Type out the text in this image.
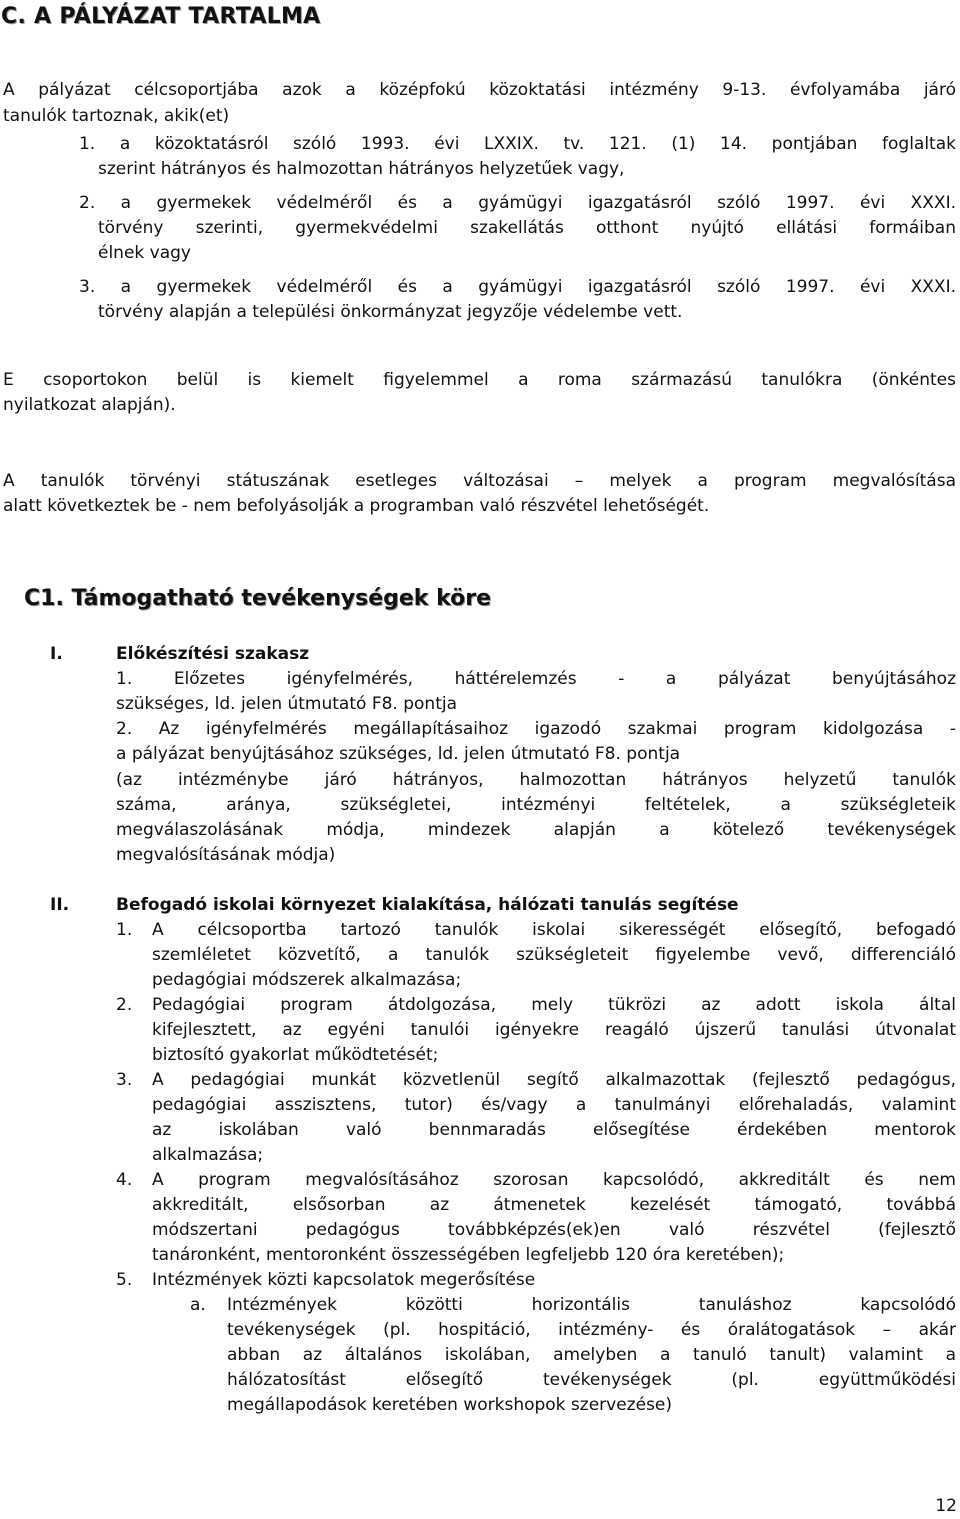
C. A PÁLYÁZAT TARTALMA
A pályázat célcsoportjába azok a középfokú közoktatási intézmény 9-13. évfolyamába járó
tanulók tartoznak, akik(et)
1. a közoktatásról szóló 1993. évi LXXIX. tv. 121. (1) 14. pontjában foglaltak
szerint hátrányos és halmozottan hátrányos helyzetűek vagy,
2. a gyermekek védelméről és a gyámügyi igazgatásról szóló 1997. évi XXXI.
törvény szerinti, gyermekvédelmi szakellátás otthont nyújtó ellátási formáiban
élnek vagy
3. a gyermekek védelméről és a gyámügyi igazgatásról szóló 1997. évi XXXI.
törvény alapján a települési önkormányzat jegyzője védelembe vett.
E csoportokon belül is kiemelt figyelemmel a roma származású tanulókra (önkéntes
nyilatkozat alapján).
A tanulók törvényi státuszának esetleges változásai – melyek a program megvalósítása
alatt következtek be - nem befolyásolják a programban való részvétel lehetőségét.
C1. Támogatható tevékenységek köre
I.	Előkészítési szakasz
1. Előzetes igényfelmérés, háttérelemzés - a pályázat benyújtásához
szükséges, ld. jelen útmutató F8. pontja
2. Az igényfelmérés megállapításaihoz igazodó szakmai program kidolgozása -
a pályázat benyújtásához szükséges, ld. jelen útmutató F8. pontja
(az intézménybe járó hátrányos, halmozottan hátrányos helyzetű tanulók
száma, aránya, szükségletei, intézményi feltételek, a szükségleteik
megválaszolásának módja, mindezek alapján a kötelező tevékenységek
megvalósításának módja)
II.	Befogadó iskolai környezet kialakítása, hálózati tanulás segítése
1. A célcsoportba tartozó tanulók iskolai sikerességét elősegítő, befogadó
szemléletet közvetítő, a tanulók szükségleteit figyelembe vevő, differenciáló
pedagógiai módszerek alkalmazása;
2. Pedagógiai program átdolgozása, mely tükrözi az adott iskola által
kifejlesztett, az egyéni tanulói igényekre reagáló újszerű tanulási útvonalat
biztosító gyakorlat működtetését;
3. A pedagógiai munkát közvetlenül segítő alkalmazottak (fejlesztő pedagógus,
pedagógiai asszisztens, tutor) és/vagy a tanulmányi előrehaladás, valamint
az iskolában való bennmaradás elősegítése érdekében mentorok
alkalmazása;
4. A program megvalósításához szorosan kapcsolódó, akkreditált és nem
akkreditált, elsősorban az átmenetek kezelését támogató, továbbá
módszertani pedagógus továbbképzés(ek)en való részvétel (fejlesztő
tanáronként, mentoronként összességében legfeljebb 120 óra keretében);
5. Intézmények közti kapcsolatok megerősítése
a. Intézmények közötti horizontális tanuláshoz kapcsolódó
tevékenységek (pl. hospitáció, intézmény- és óralátogatások – akár
abban az általános iskolában, amelyben a tanuló tanult) valamint a
hálózatosítást elősegítő tevékenységek (pl. együttműködési
megállapodások keretében workshopok szervezése)
12
